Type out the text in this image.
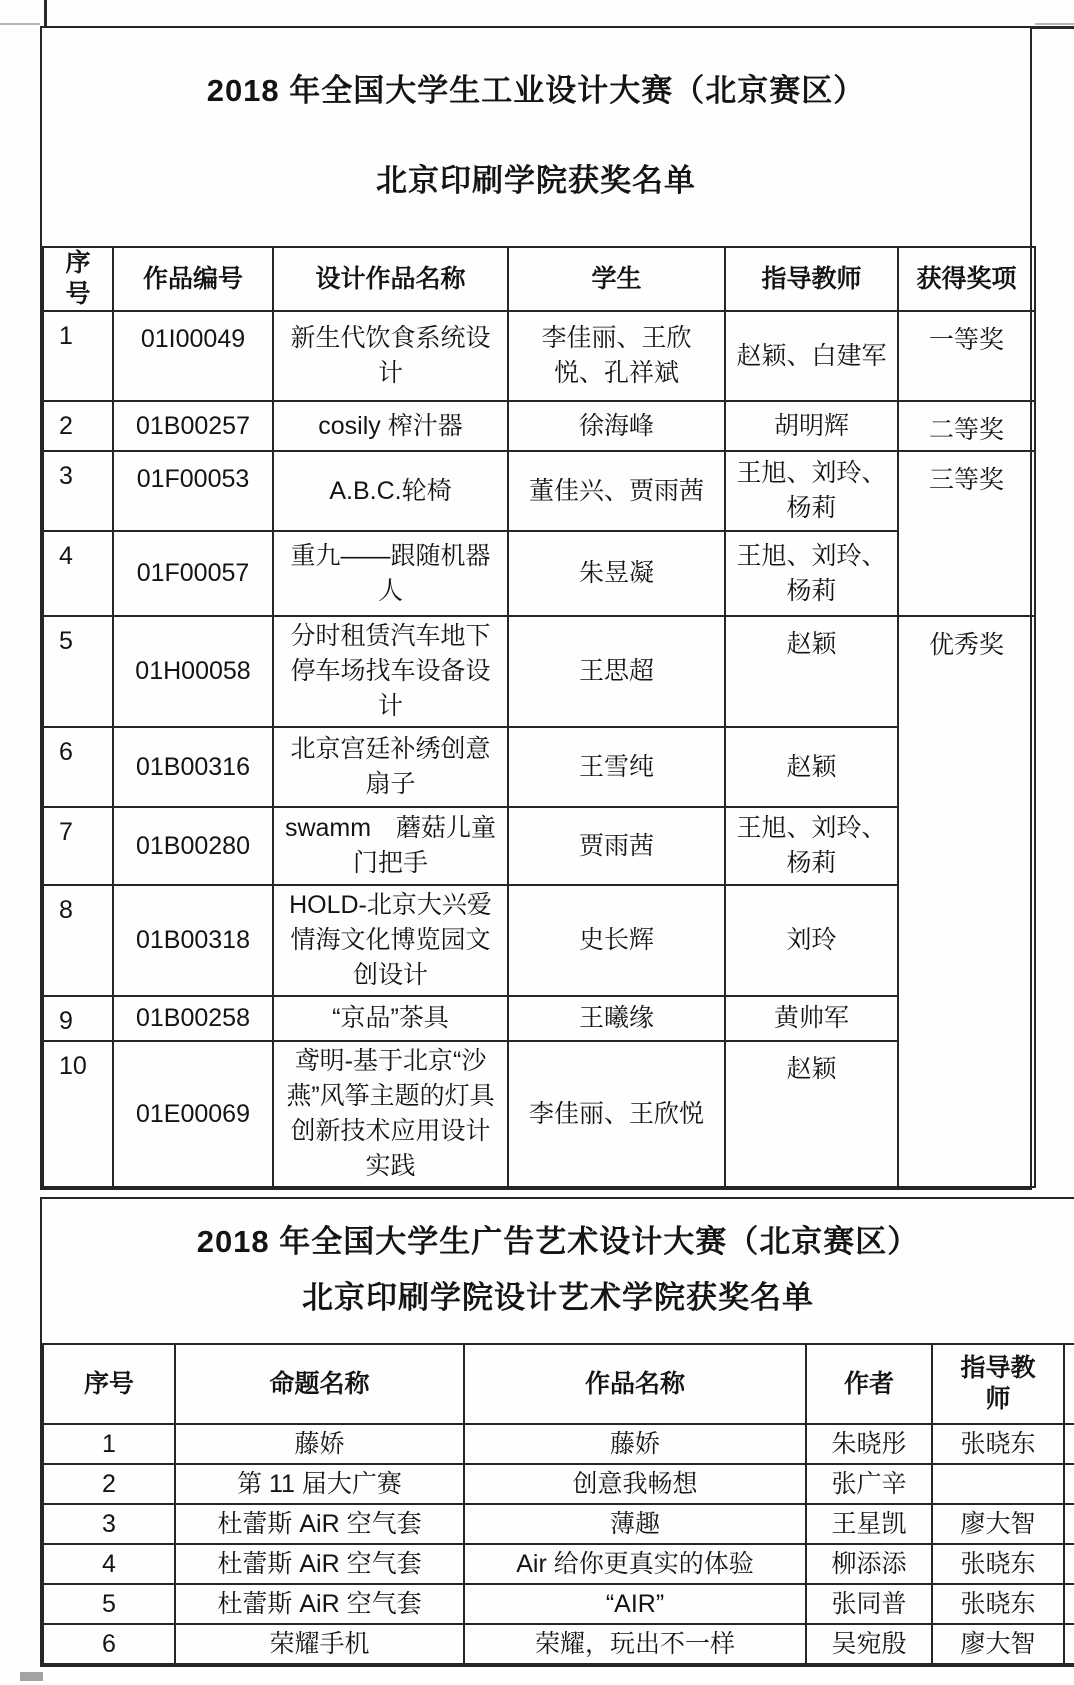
2018 年全国大学生工业设计大赛（北京赛区）
北京印刷学院获奖名单
序号	作品编号	设计作品名称	学生	指导教师	获得奖项
1	01I00049	新生代饮食系统设计	李佳丽、王欣悦、孔祥斌	赵颖、白建军	一等奖
2	01B00257	cosily 榨汁器	徐海峰	胡明辉	二等奖
3	01F00053	A.B.C.轮椅	董佳兴、贾雨茜	王旭、刘玲、杨莉	三等奖
4	01F00057	重九——跟随机器人	朱昱凝	王旭、刘玲、杨莉	
5	01H00058	分时租赁汽车地下停车场找车设备设计	王思超	赵颖	优秀奖
6	01B00316	北京宫廷补绣创意扇子	王雪纯	赵颖	
7	01B00280	swamm　蘑菇儿童门把手	贾雨茜	王旭、刘玲、杨莉	
8	01B00318	HOLD-北京大兴爱情海文化博览园文创设计	史长辉	刘玲	
9	01B00258	“京品”茶具	王曦缘	黄帅军	
10	01E00069	鸢明-基于北京“沙燕”风筝主题的灯具创新技术应用设计实践	李佳丽、王欣悦	赵颖	
2018 年全国大学生广告艺术设计大赛（北京赛区）
北京印刷学院设计艺术学院获奖名单
序号	命题名称	作品名称	作者	指导教师	
1	藤娇	藤娇	朱晓彤	张晓东	
2	第 11 届大广赛	创意我畅想	张广辛		
3	杜蕾斯 AiR 空气套	薄趣	王星凯	廖大智	
4	杜蕾斯 AiR 空气套	Air 给你更真实的体验	柳添添	张晓东	
5	杜蕾斯 AiR 空气套	“AIR”	张同普	张晓东	
6	荣耀手机	荣耀，玩出不一样	吴宛殷	廖大智	
